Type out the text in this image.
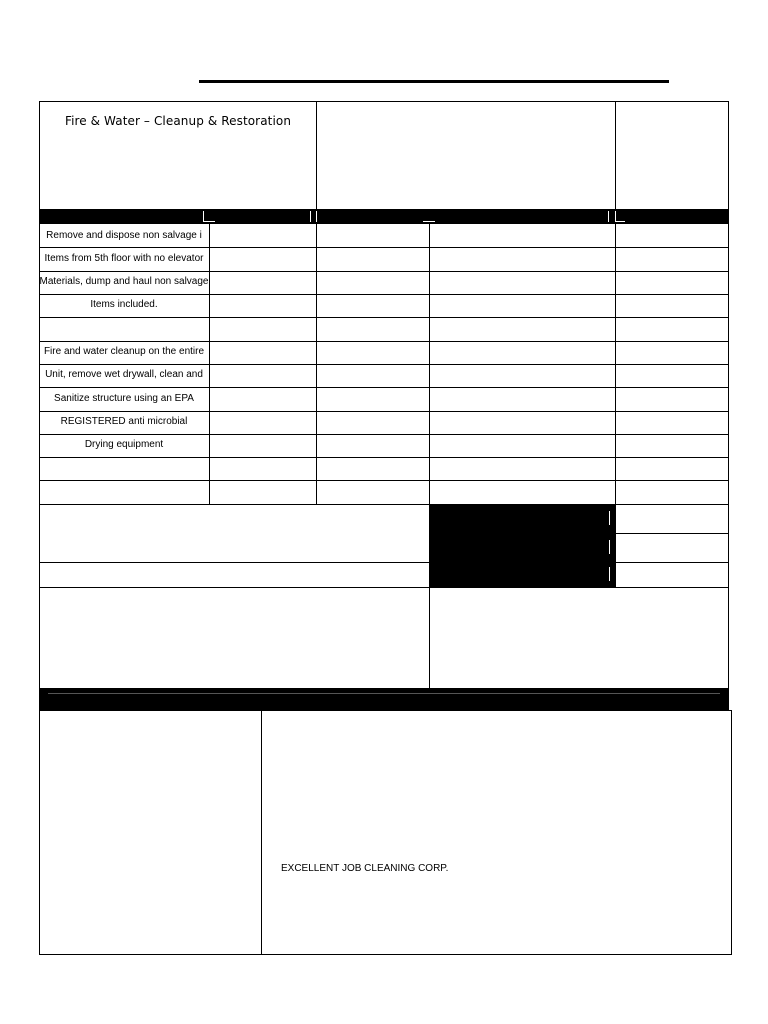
Fire & Water – Cleanup & Restoration
Remove and dispose non salvage i
Items from 5th floor with no elevator
Materials, dump and haul non salvage
Items included.
Fire and water cleanup on the entire
Unit, remove wet drywall, clean and
Sanitize structure using an EPA
REGISTERED anti microbial
Drying equipment
EXCELLENT JOB CLEANING CORP.
